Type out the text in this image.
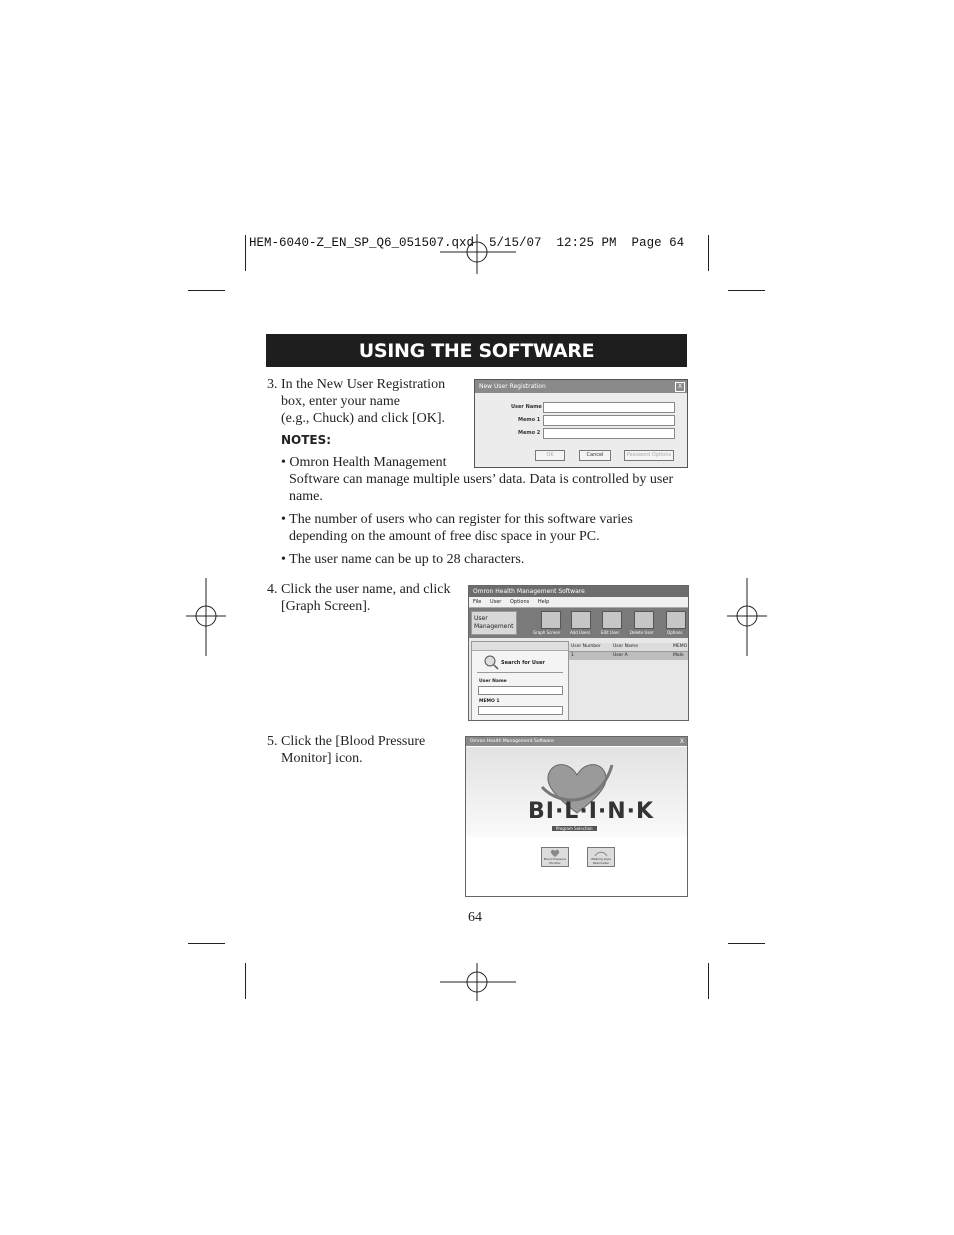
HEM-6040-Z_EN_SP_Q6_051507.qxd  5/15/07  12:25 PM  Page 64
USING THE SOFTWARE
3. In the New User Registration
box, enter your name
(e.g., Chuck) and click [OK].
NOTES:
• Omron Health Management
Software can manage multiple users’ data. Data is controlled by user
name.
• The number of users who can register for this software varies
depending on the amount of free disc space in your PC.
• The user name can be up to 28 characters.
4. Click the user name, and click
[Graph Screen].
5. Click the [Blood Pressure
Monitor] icon.
64
New User Registration	X
User Name
Memo 1
Memo 2
OK	Cancel	Password Options
Omron Health Management Software
File User Options Help
User
Management
Graph Screen Add Users	Edit User	Delete User	Options
Search for User
User Name
MEMO 1
User Number	User Name	MEMO
1	User A	Male
Omron Health Management Software	X
BI·L·I·N·K
Program Selection
Blood Pressure Monitor
Walking style Pedometer
